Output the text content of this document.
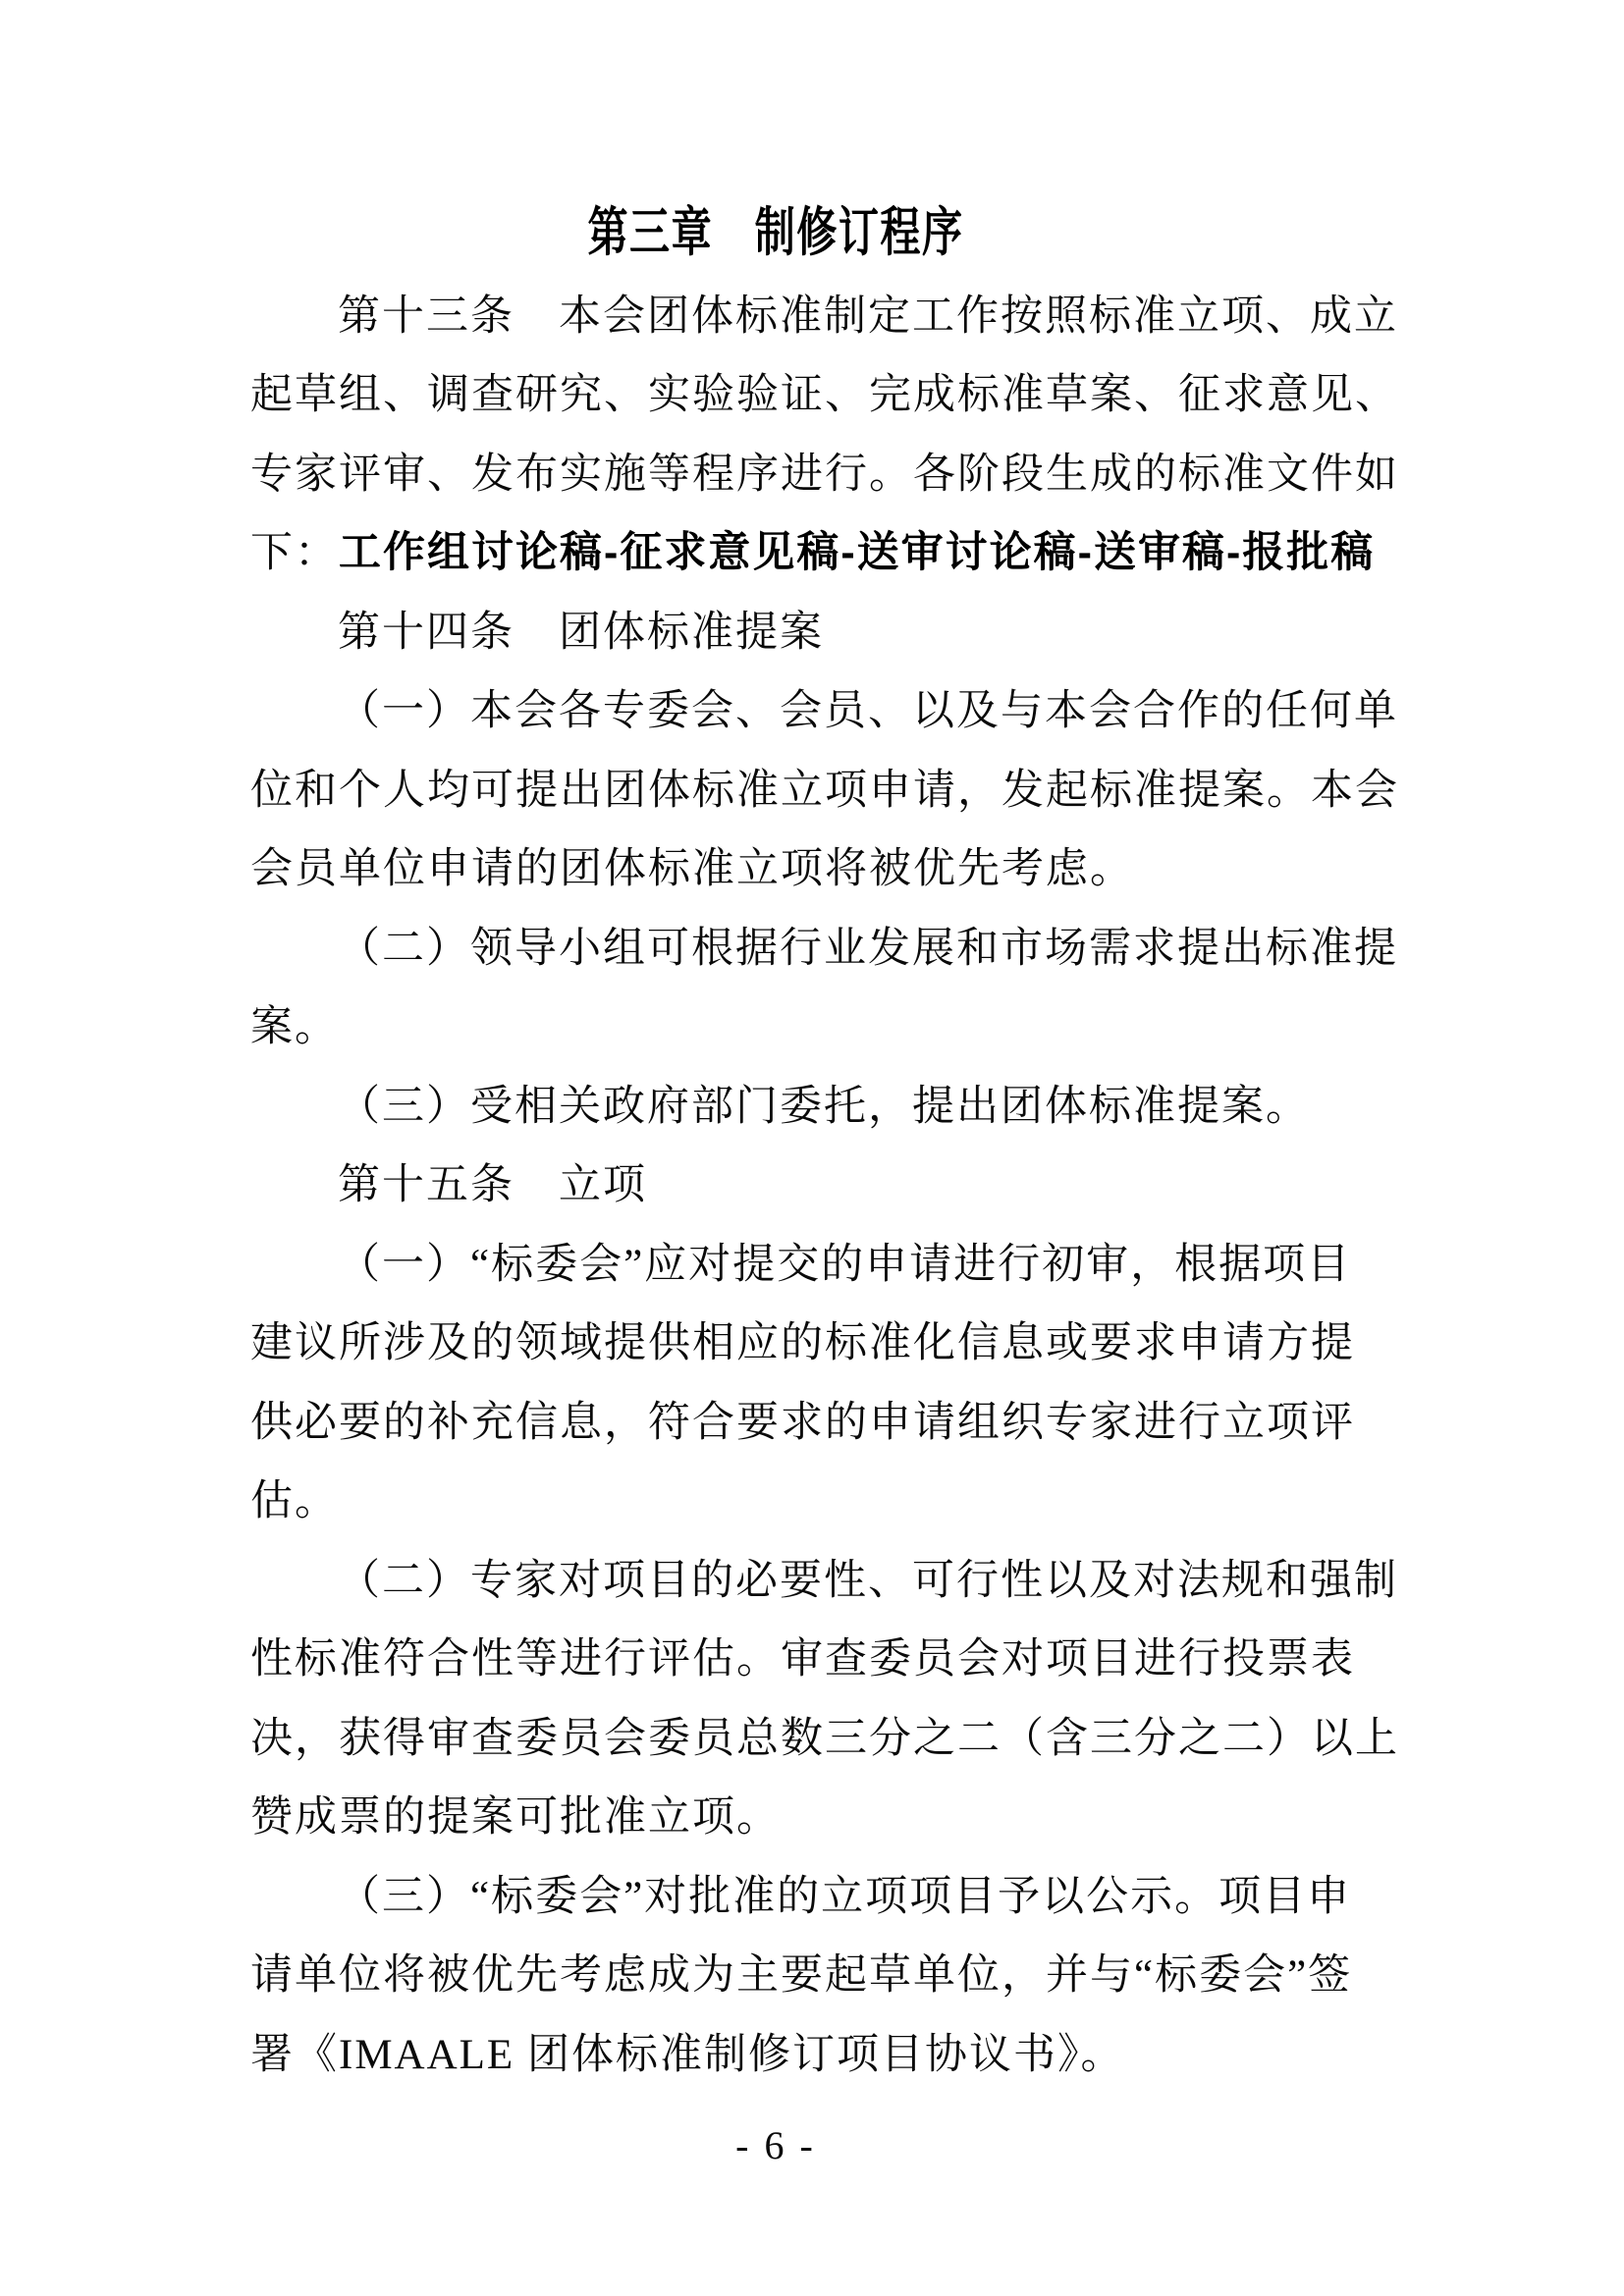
第三章　制修订程序
第十三条　本会团体标准制定工作按照标准立项、成立
起草组、调查研究、实验验证、完成标准草案、征求意见、
专家评审、发布实施等程序进行。各阶段生成的标准文件如
下： 工作组讨论稿-征求意见稿-送审讨论稿-送审稿-报批稿
第十四条　团体标准提案
（一）本会各专委会、会员、以及与本会合作的任何单
位和个人均可提出团体标准立项申请，发起标准提案。本会
会员单位申请的团体标准立项将被优先考虑。
（二）领导小组可根据行业发展和市场需求提出标准提
案。
（三）受相关政府部门委托，提出团体标准提案。
第十五条　立项
（一）“标委会”应对提交的申请进行初审，根据项目
建议所涉及的领域提供相应的标准化信息或要求申请方提
供必要的补充信息，符合要求的申请组织专家进行立项评
估。
（二）专家对项目的必要性、可行性以及对法规和强制
性标准符合性等进行评估。审查委员会对项目进行投票表
决，获得审查委员会委员总数三分之二（含三分之二）以上
赞成票的提案可批准立项。
（三）“标委会”对批准的立项项目予以公示。项目申
请单位将被优先考虑成为主要起草单位，并与“标委会”签
署《IMAALE 团体标准制修订项目协议书》。
- 6 -
